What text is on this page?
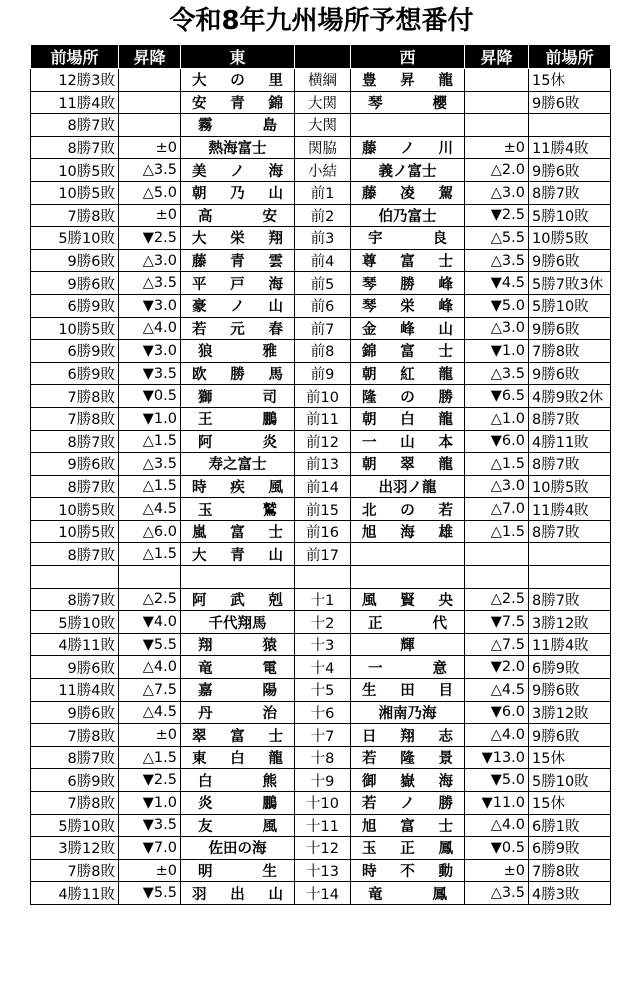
令和8年九州場所予想番付
前場所	昇降	東		西	昇降	前場所
12勝3敗		大 の 里	横綱	豊 昇 龍		15休
11勝4敗		安 青 錦	大関	琴 櫻		9勝6敗
8勝7敗		霧 島	大関	

8勝7敗	±0	熱海富士	関脇	藤 ノ 川	±0	11勝4敗
10勝5敗	△3.5	美 ノ 海	小結	義ノ富士	△2.0	9勝6敗
10勝5敗	△5.0	朝 乃 山	前1	藤 凌 駕	△3.0	8勝7敗
7勝8敗	±0	高 安	前2	伯乃富士	▼2.5	5勝10敗
5勝10敗	▼2.5	大 栄 翔	前3	宇 良	△5.5	10勝5敗
9勝6敗	△3.0	藤 青 雲	前4	尊 富 士	△3.5	9勝6敗
9勝6敗	△3.5	平 戸 海	前5	琴 勝 峰	▼4.5	5勝7敗3休
6勝9敗	▼3.0	豪 ノ 山	前6	琴 栄 峰	▼5.0	5勝10敗
10勝5敗	△4.0	若 元 春	前7	金 峰 山	△3.0	9勝6敗
6勝9敗	▼3.0	狼 雅	前8	錦 富 士	▼1.0	7勝8敗
6勝9敗	▼3.5	欧 勝 馬	前9	朝 紅 龍	△3.5	9勝6敗
7勝8敗	▼0.5	獅 司	前10	隆 の 勝	▼6.5	4勝9敗2休
7勝8敗	▼1.0	王 鵬	前11	朝 白 龍	△1.0	8勝7敗
8勝7敗	△1.5	阿 炎	前12	一 山 本	▼6.0	4勝11敗
9勝6敗	△3.5	寿之富士	前13	朝 翠 龍	△1.5	8勝7敗
8勝7敗	△1.5	時 疾 風	前14	出羽ノ龍	△3.0	10勝5敗
10勝5敗	△4.5	玉 鷲	前15	北 の 若	△7.0	11勝4敗
10勝5敗	△6.0	嵐 富 士	前16	旭 海 雄	△1.5	8勝7敗
8勝7敗	△1.5	大 青 山	前17	

8勝7敗	△2.5	阿 武 剋	十1	風 賢 央	△2.5	8勝7敗
5勝10敗	▼4.0	千代翔馬	十2	正 代	▼7.5	3勝12敗
4勝11敗	▼5.5	翔 猿	十3	輝	△7.5	11勝4敗
9勝6敗	△4.0	竜 電	十4	一 意	▼2.0	6勝9敗
11勝4敗	△7.5	嘉 陽	十5	生 田 目	△4.5	9勝6敗
9勝6敗	△4.5	丹 治	十6	湘南乃海	▼6.0	3勝12敗
7勝8敗	±0	翠 富 士	十7	日 翔 志	△4.0	9勝6敗
8勝7敗	△1.5	東 白 龍	十8	若 隆 景	▼13.0	15休
6勝9敗	▼2.5	白 熊	十9	御 嶽 海	▼5.0	5勝10敗
7勝8敗	▼1.0	炎 鵬	十10	若 ノ 勝	▼11.0	15休
5勝10敗	▼3.5	友 風	十11	旭 富 士	△4.0	6勝1敗
3勝12敗	▼7.0	佐田の海	十12	玉 正 鳳	▼0.5	6勝9敗
7勝8敗	±0	明 生	十13	時 不 動	±0	7勝8敗
4勝11敗	▼5.5	羽 出 山	十14	竜 鳳	△3.5	4勝3敗
